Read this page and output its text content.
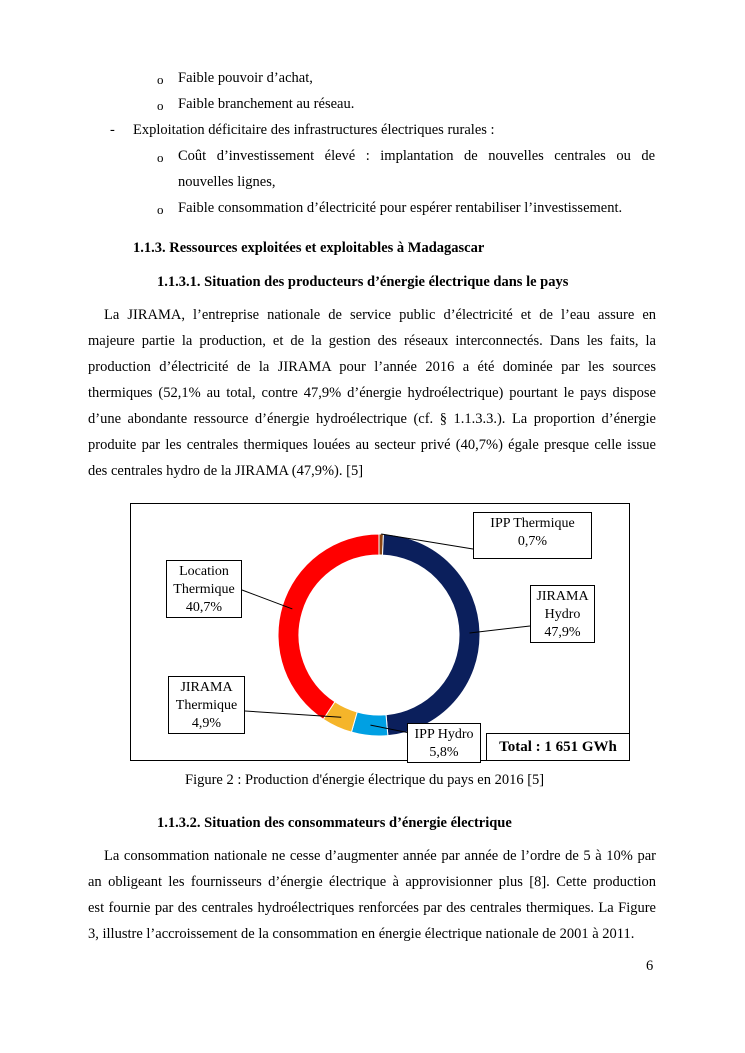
o Faible pouvoir d’achat,
o Faible branchement au réseau.
- Exploitation déficitaire des infrastructures électriques rurales :
o Coût d’investissement élevé : implantation de nouvelles centrales ou de
nouvelles lignes,
o Faible consommation d’électricité pour espérer rentabiliser l’investissement.
1.1.3. Ressources exploitées et exploitables à Madagascar
1.1.3.1. Situation des producteurs d’énergie électrique dans le pays
La JIRAMA, l’entreprise nationale de service public d’électricité et de l’eau assure en
majeure partie la production, et de la gestion des réseaux interconnectés. Dans les faits, la
production d’électricité de la JIRAMA pour l’année 2016 a été dominée par les sources
thermiques (52,1% au total, contre 47,9% d’énergie hydroélectrique) pourtant le pays dispose
d’une abondante ressource d’énergie hydroélectrique (cf. § 1.1.3.3.). La proportion d’énergie
produite par les centrales thermiques louées au secteur privé (40,7%) égale presque celle issue
des centrales hydro de la JIRAMA (47,9%). [5]
IPP Thermique
0,7%
JIRAMA
Hydro
47,9%
Location
Thermique
40,7%
JIRAMA
Thermique
4,9%
IPP Hydro
5,8%	Total : 1 651 GWh
Figure 2 : Production d'énergie électrique du pays en 2016 [5]
1.1.3.2. Situation des consommateurs d’énergie électrique
La consommation nationale ne cesse d’augmenter année par année de l’ordre de 5 à 10% par
an obligeant les fournisseurs d’énergie électrique à approvisionner plus [8]. Cette production
est fournie par des centrales hydroélectriques renforcées par des centrales thermiques. La Figure
3, illustre l’accroissement de la consommation en énergie électrique nationale de 2001 à 2011.
6
